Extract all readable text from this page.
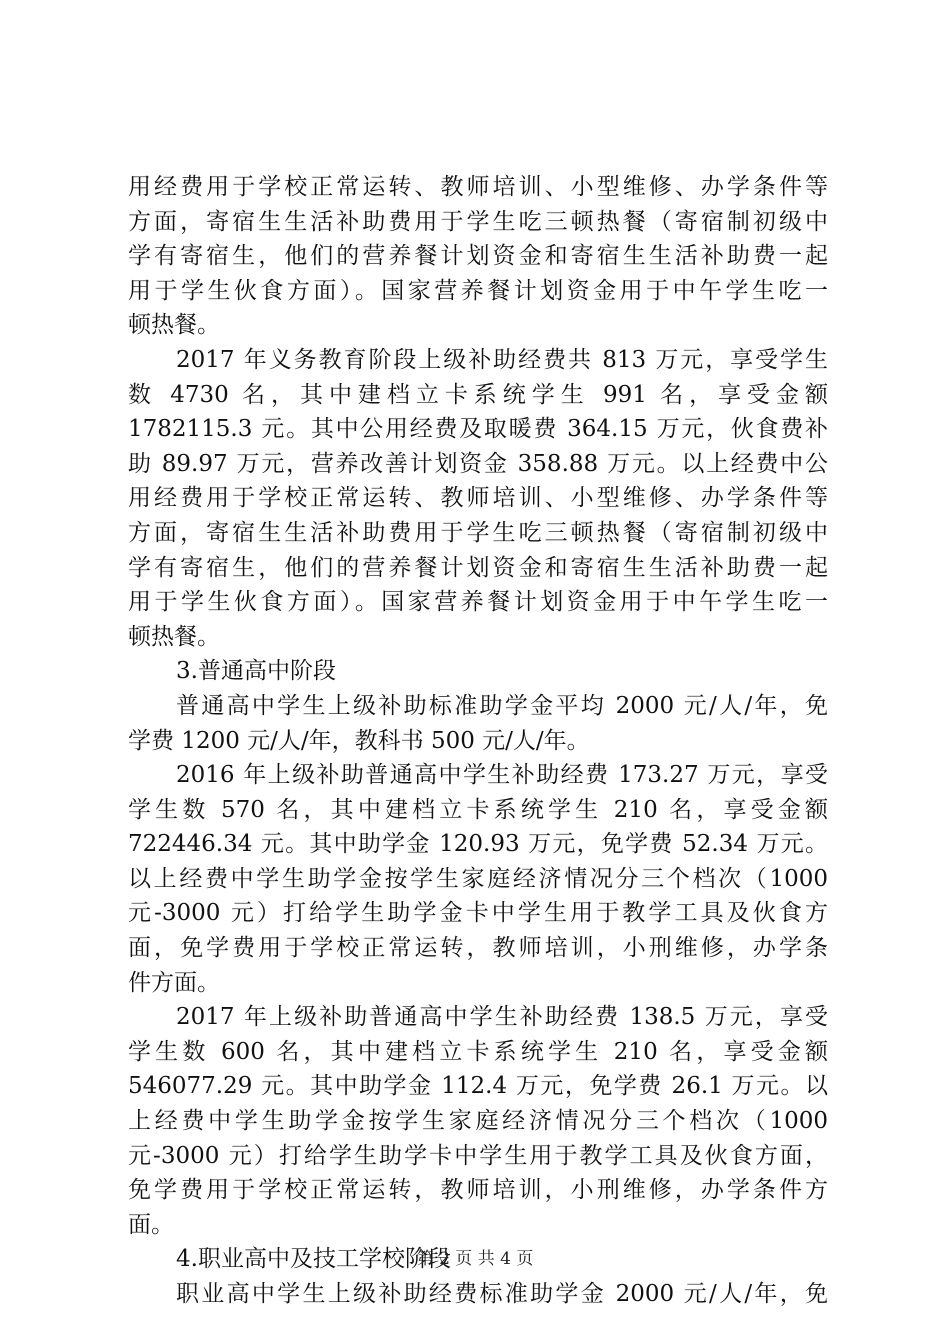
用经费用于学校正常运转、教师培训、小型维修、办学条件等
方面，寄宿生生活补助费用于学生吃三顿热餐（寄宿制初级中
学有寄宿生，他们的营养餐计划资金和寄宿生生活补助费一起
用于学生伙食方面）。国家营养餐计划资金用于中午学生吃一
顿热餐。
2017 年义务教育阶段上级补助经费共 813 万元，享受学生
数 4730 名，其中建档立卡系统学生 991 名，享受金额
1782115.3 元。其中公用经费及取暖费 364.15 万元，伙食费补
助 89.97 万元，营养改善计划资金 358.88 万元。以上经费中公
用经费用于学校正常运转、教师培训、小型维修、办学条件等
方面，寄宿生生活补助费用于学生吃三顿热餐（寄宿制初级中
学有寄宿生，他们的营养餐计划资金和寄宿生生活补助费一起
用于学生伙食方面）。国家营养餐计划资金用于中午学生吃一
顿热餐。
3.普通高中阶段
普通高中学生上级补助标准助学金平均 2000 元/人/年，免
学费 1200 元/人/年，教科书 500 元/人/年。
2016 年上级补助普通高中学生补助经费 173.27 万元，享受
学生数 570 名，其中建档立卡系统学生 210 名，享受金额
722446.34 元。其中助学金 120.93 万元，免学费 52.34 万元。
以上经费中学生助学金按学生家庭经济情况分三个档次（1000
元-3000 元）打给学生助学金卡中学生用于教学工具及伙食方
面，免学费用于学校正常运转，教师培训，小刑维修，办学条
件方面。
2017 年上级补助普通高中学生补助经费 138.5 万元，享受
学生数 600 名，其中建档立卡系统学生 210 名，享受金额
546077.29 元。其中助学金 112.4 万元，免学费 26.1 万元。以
上经费中学生助学金按学生家庭经济情况分三个档次（1000
元-3000 元）打给学生助学卡中学生用于教学工具及伙食方面，
免学费用于学校正常运转，教师培训，小刑维修，办学条件方
面。
4.职业高中及技工学校阶段
职业高中学生上级补助经费标准助学金 2000 元/人/年，免
第 2 页 共 4 页
